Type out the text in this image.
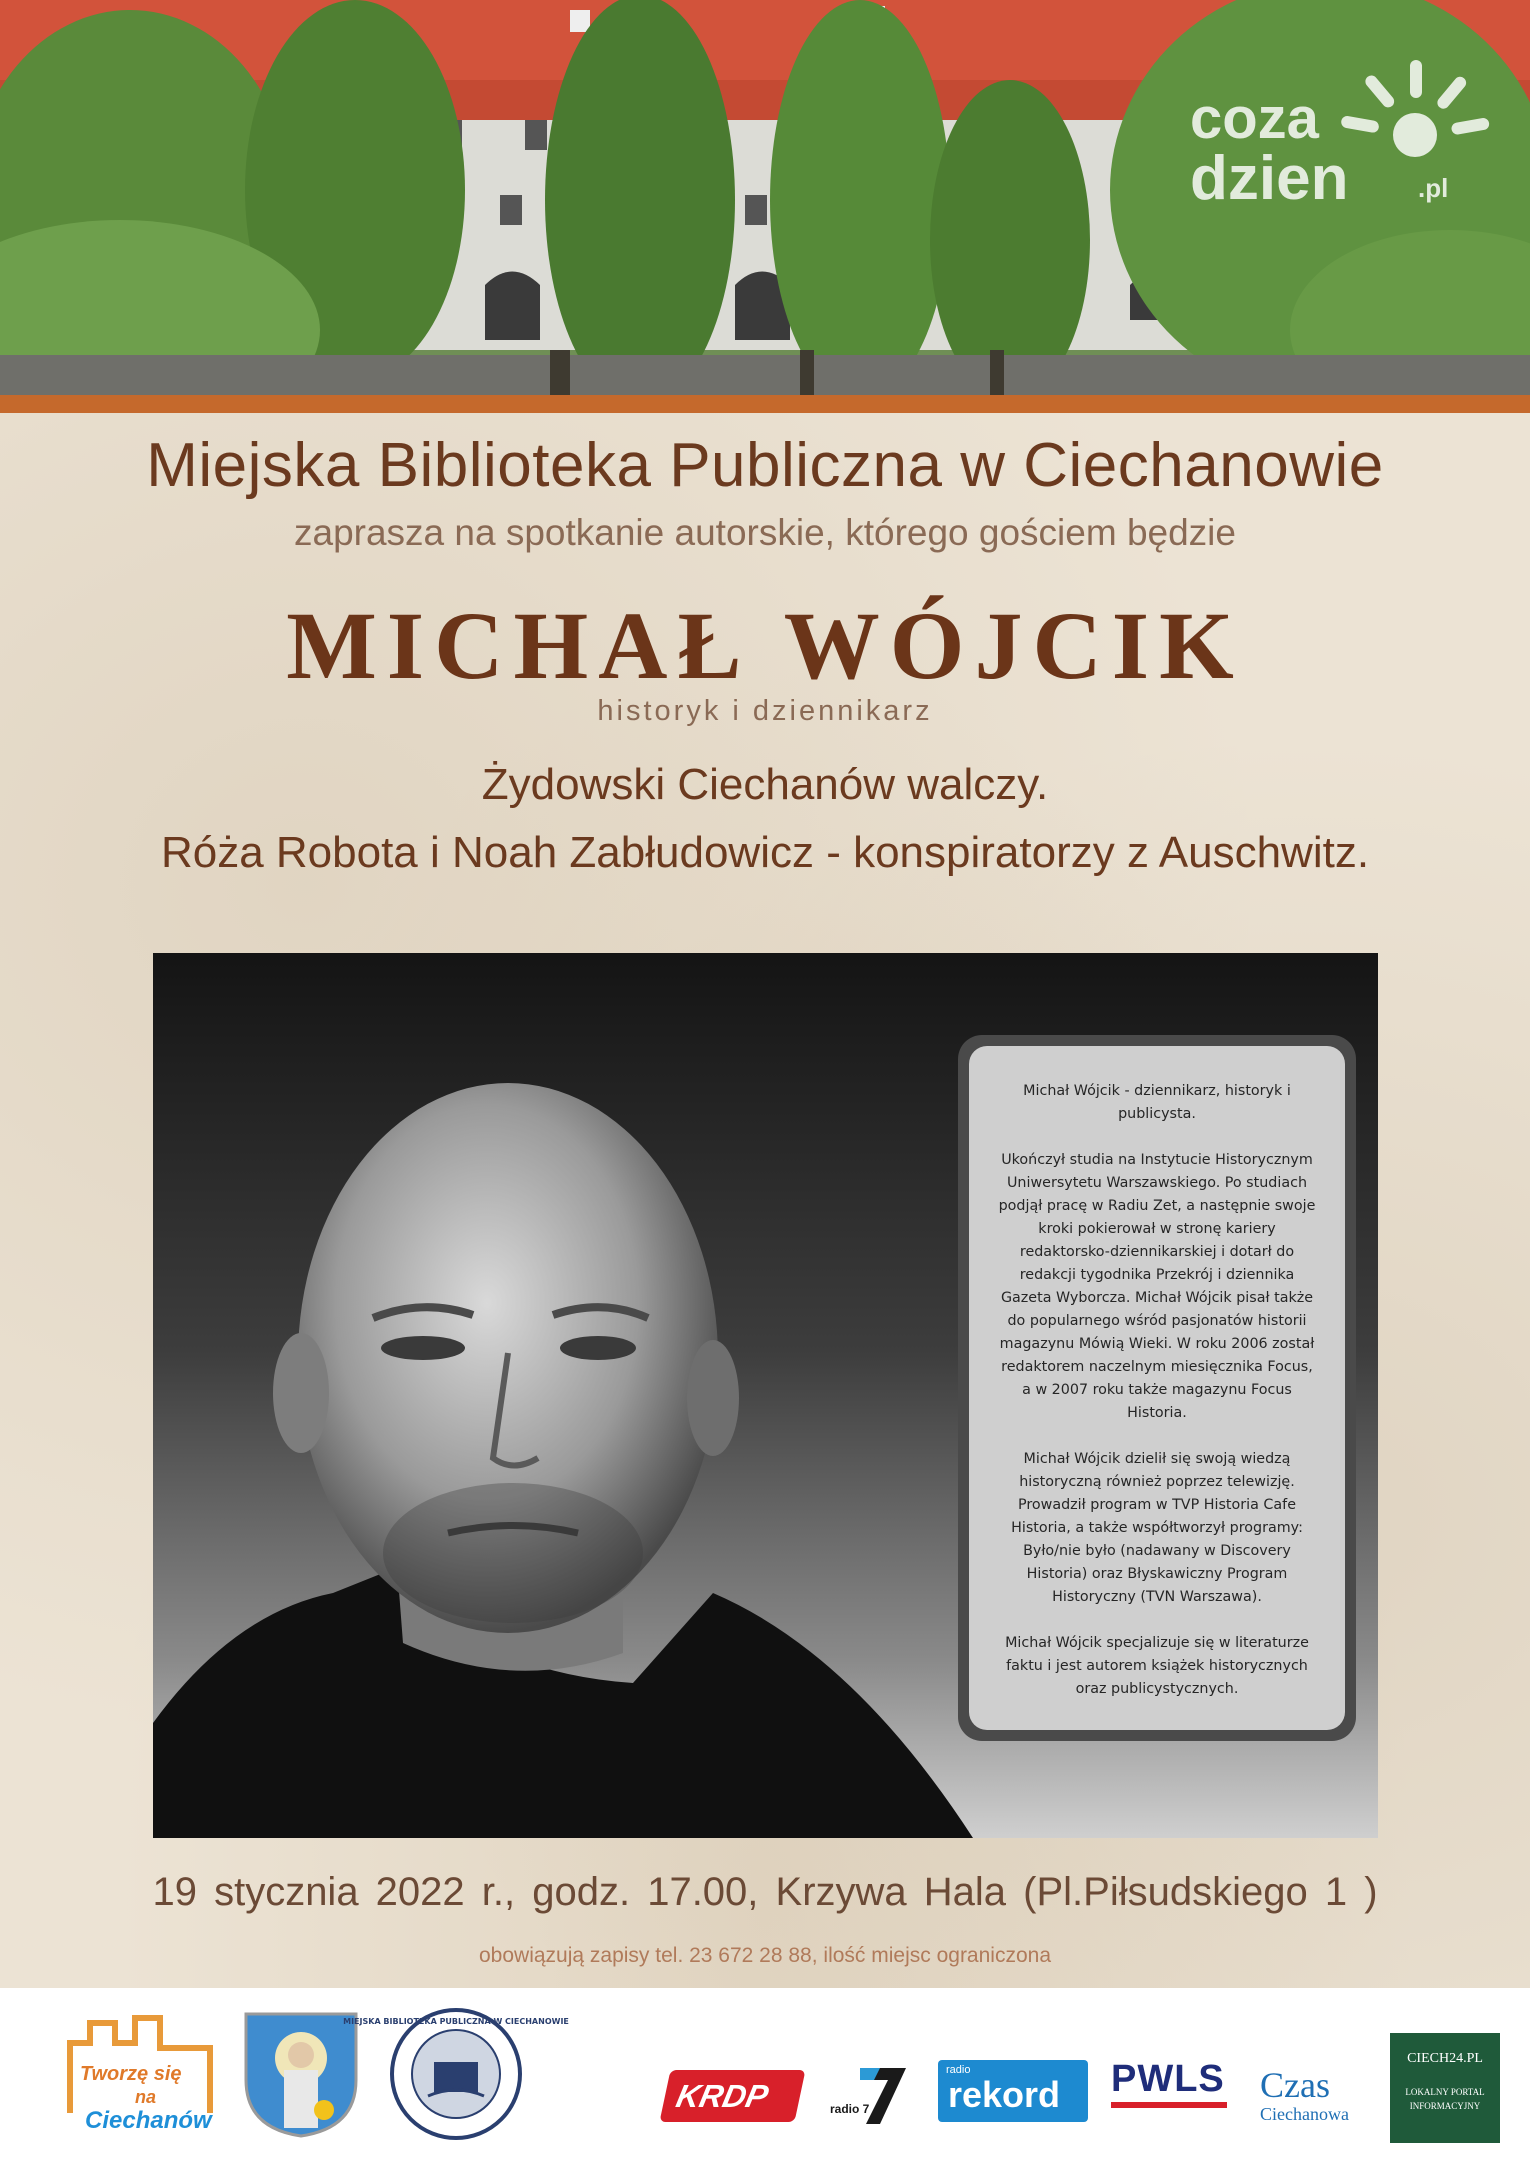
coza
dzien	.pl
Miejska Biblioteka Publiczna w Ciechanowie
zaprasza na spotkanie autorskie, którego gościem będzie
MICHAŁ WÓJCIK
historyk i dziennikarz
Żydowski Ciechanów walczy.
Róża Robota i Noah Zabłudowicz - konspiratorzy z Auschwitz.

Michał Wójcik - dziennikarz, historyk i publicysta.

Ukończył studia na Instytucie Historycznym Uniwersytetu Warszawskiego. Po studiach podjął pracę w Radiu Zet, a następnie swoje kroki pokierował w stronę kariery redaktorsko-dziennikarskiej i dotarł do redakcji tygodnika Przekrój i dziennika Gazeta Wyborcza. Michał Wójcik pisał także do popularnego wśród pasjonatów historii magazynu Mówią Wieki. W roku 2006 został redaktorem naczelnym miesięcznika Focus, a w 2007 roku także magazynu Focus Historia.

Michał Wójcik dzielił się swoją wiedzą historyczną również poprzez telewizję. Prowadził program w TVP Historia Cafe Historia, a także współtworzył programy: Było/nie było (nadawany w Discovery Historia) oraz Błyskawiczny Program Historyczny (TVN Warszawa).

Michał Wójcik specjalizuje się w literaturze faktu i jest autorem książek historycznych oraz publicystycznych.

19 stycznia 2022 r., godz. 17.00, Krzywa Hala (Pl.Piłsudskiego 1 )
obowiązują zapisy tel. 23 672 28 88, ilość miejsc ograniczona
Tworzę się
na
Ciechanów
MIEJSKA BIBLIOTEKA PUBLICZNA W CIECHANOWIE
KRDP	radio 7
radio
rekord PWLS Czas
Ciechanowa
CIECH24.PL
LOKALNY PORTAL INFORMACYJNY
